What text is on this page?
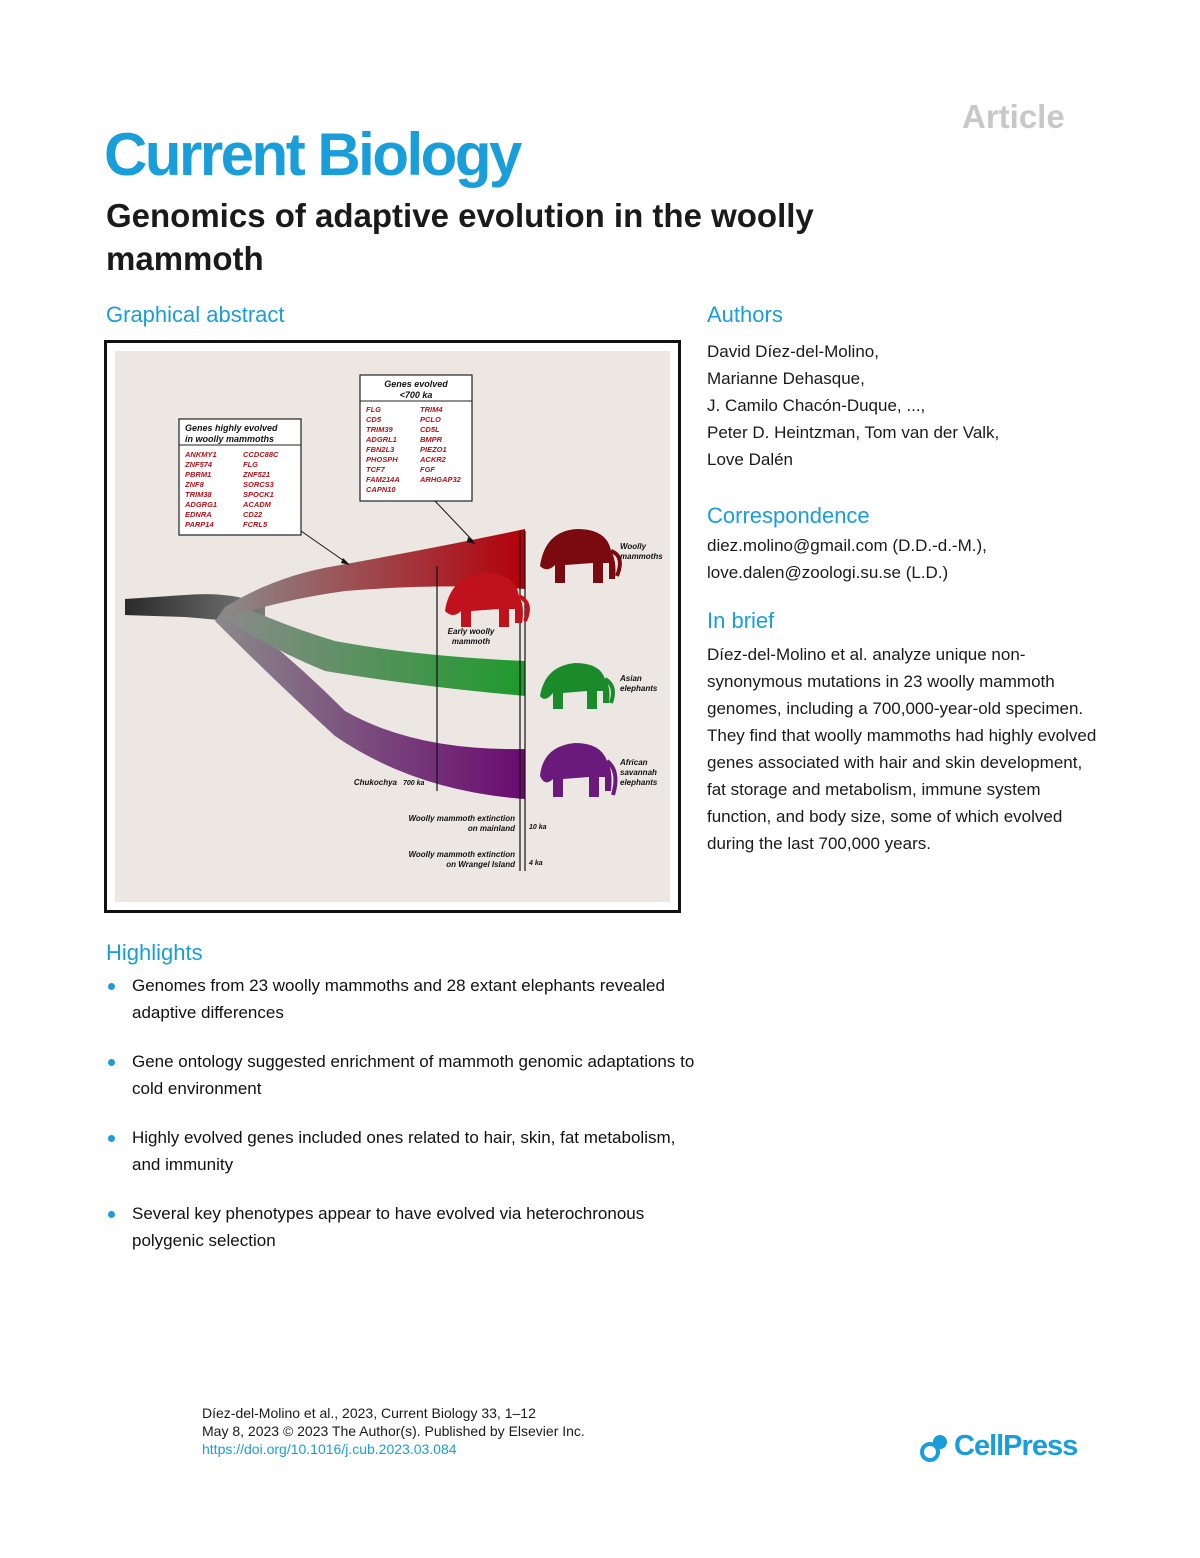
Article
Current Biology
Genomics of adaptive evolution in the woolly
mammoth
Graphical abstract
Genes highly evolved
in woolly mammoths
ANKMY1
ZNF574
PBRM1
ZNF8
TRIM38
ADGRG1
EDNRA
PARP14
CCDC88C
FLG
ZNF521
SORCS3
SPOCK1
ACADM
CD22
FCRL5
Genes evolved
<700 ka
FLG
CD5
TRIM39
ADGRL1
FBN2L3
PHOSPH
TCF7
FAM214A
CAPN10
TRIM4
PCLO
CD5L
BMPR
PIEZO1
ACKR2
FGF
ARHGAP32
Woolly
mammoths
Early woolly
mammoth
Asian
elephants
African
savannah
elephants
Chukochya 700 ka
Woolly mammoth extinction
on mainland 10 ka
Woolly mammoth extinction
on Wrangel Island 4 ka
Authors
David Díez-del-Molino,
Marianne Dehasque,
J. Camilo Chacón-Duque, ...,
Peter D. Heintzman, Tom van der Valk,
Love Dalén
Correspondence
diez.molino@gmail.com (D.D.-d.-M.),
love.dalen@zoologi.su.se (L.D.)
In brief
Díez-del-Molino et al. analyze unique non-synonymous mutations in 23 woolly mammoth genomes, including a 700,000-year-old specimen. They find that woolly mammoths had highly evolved genes associated with hair and skin development, fat storage and metabolism, immune system function, and body size, some of which evolved during the last 700,000 years.
Highlights
Genomes from 23 woolly mammoths and 28 extant elephants revealed adaptive differences
Gene ontology suggested enrichment of mammoth genomic adaptations to cold environment
Highly evolved genes included ones related to hair, skin, fat metabolism, and immunity
Several key phenotypes appear to have evolved via heterochronous polygenic selection
Díez-del-Molino et al., 2023, Current Biology 33, 1–12
May 8, 2023 © 2023 The Author(s). Published by Elsevier Inc.
https://doi.org/10.1016/j.cub.2023.03.084	CellPress
